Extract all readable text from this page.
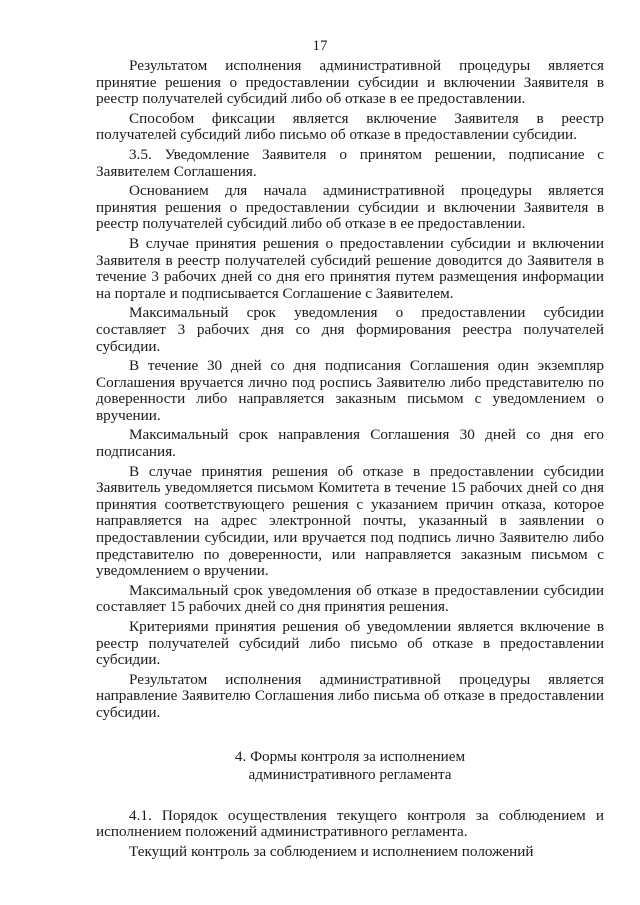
17

Результатом исполнения административной процедуры является принятие решения о предоставлении субсидии и включении Заявителя в реестр получателей субсидий либо об отказе в ее предоставлении.

Способом фиксации является включение Заявителя в реестр получателей субсидий либо письмо об отказе в предоставлении субсидии.

3.5. Уведомление Заявителя о принятом решении, подписание с Заявителем Соглашения.

Основанием для начала административной процедуры является принятия решения о предоставлении субсидии и включении Заявителя в реестр получателей субсидий либо об отказе в ее предоставлении.

В случае принятия решения о предоставлении субсидии и включении Заявителя в реестр получателей субсидий решение доводится до Заявителя в течение 3 рабочих дней со дня его принятия путем размещения информации на портале и подписывается Соглашение с Заявителем.

Максимальный срок уведомления о предоставлении субсидии составляет 3 рабочих дня со дня формирования реестра получателей субсидии.

В течение 30 дней со дня подписания Соглашения один экземпляр Соглашения вручается лично под роспись Заявителю либо представителю по доверенности либо направляется заказным письмом с уведомлением о вручении.

Максимальный срок направления Соглашения 30 дней со дня его подписания.

В случае принятия решения об отказе в предоставлении субсидии Заявитель уведомляется письмом Комитета в течение 15 рабочих дней со дня принятия соответствующего решения с указанием причин отказа, которое направляется на адрес электронной почты, указанный в заявлении о предоставлении субсидии, или вручается под подпись лично Заявителю либо представителю по доверенности, или направляется заказным письмом с уведомлением о вручении.

Максимальный срок уведомления об отказе в предоставлении субсидии составляет 15 рабочих дней со дня принятия решения.

Критериями принятия решения об уведомлении является включение в реестр получателей субсидий либо письмо об отказе в предоставлении субсидии.

Результатом исполнения административной процедуры является направление Заявителю Соглашения либо письма об отказе в предоставлении субсидии.

4. Формы контроля за исполнением
административного регламента

4.1. Порядок осуществления текущего контроля за соблюдением и исполнением положений административного регламента.

Текущий контроль за соблюдением и исполнением положений
